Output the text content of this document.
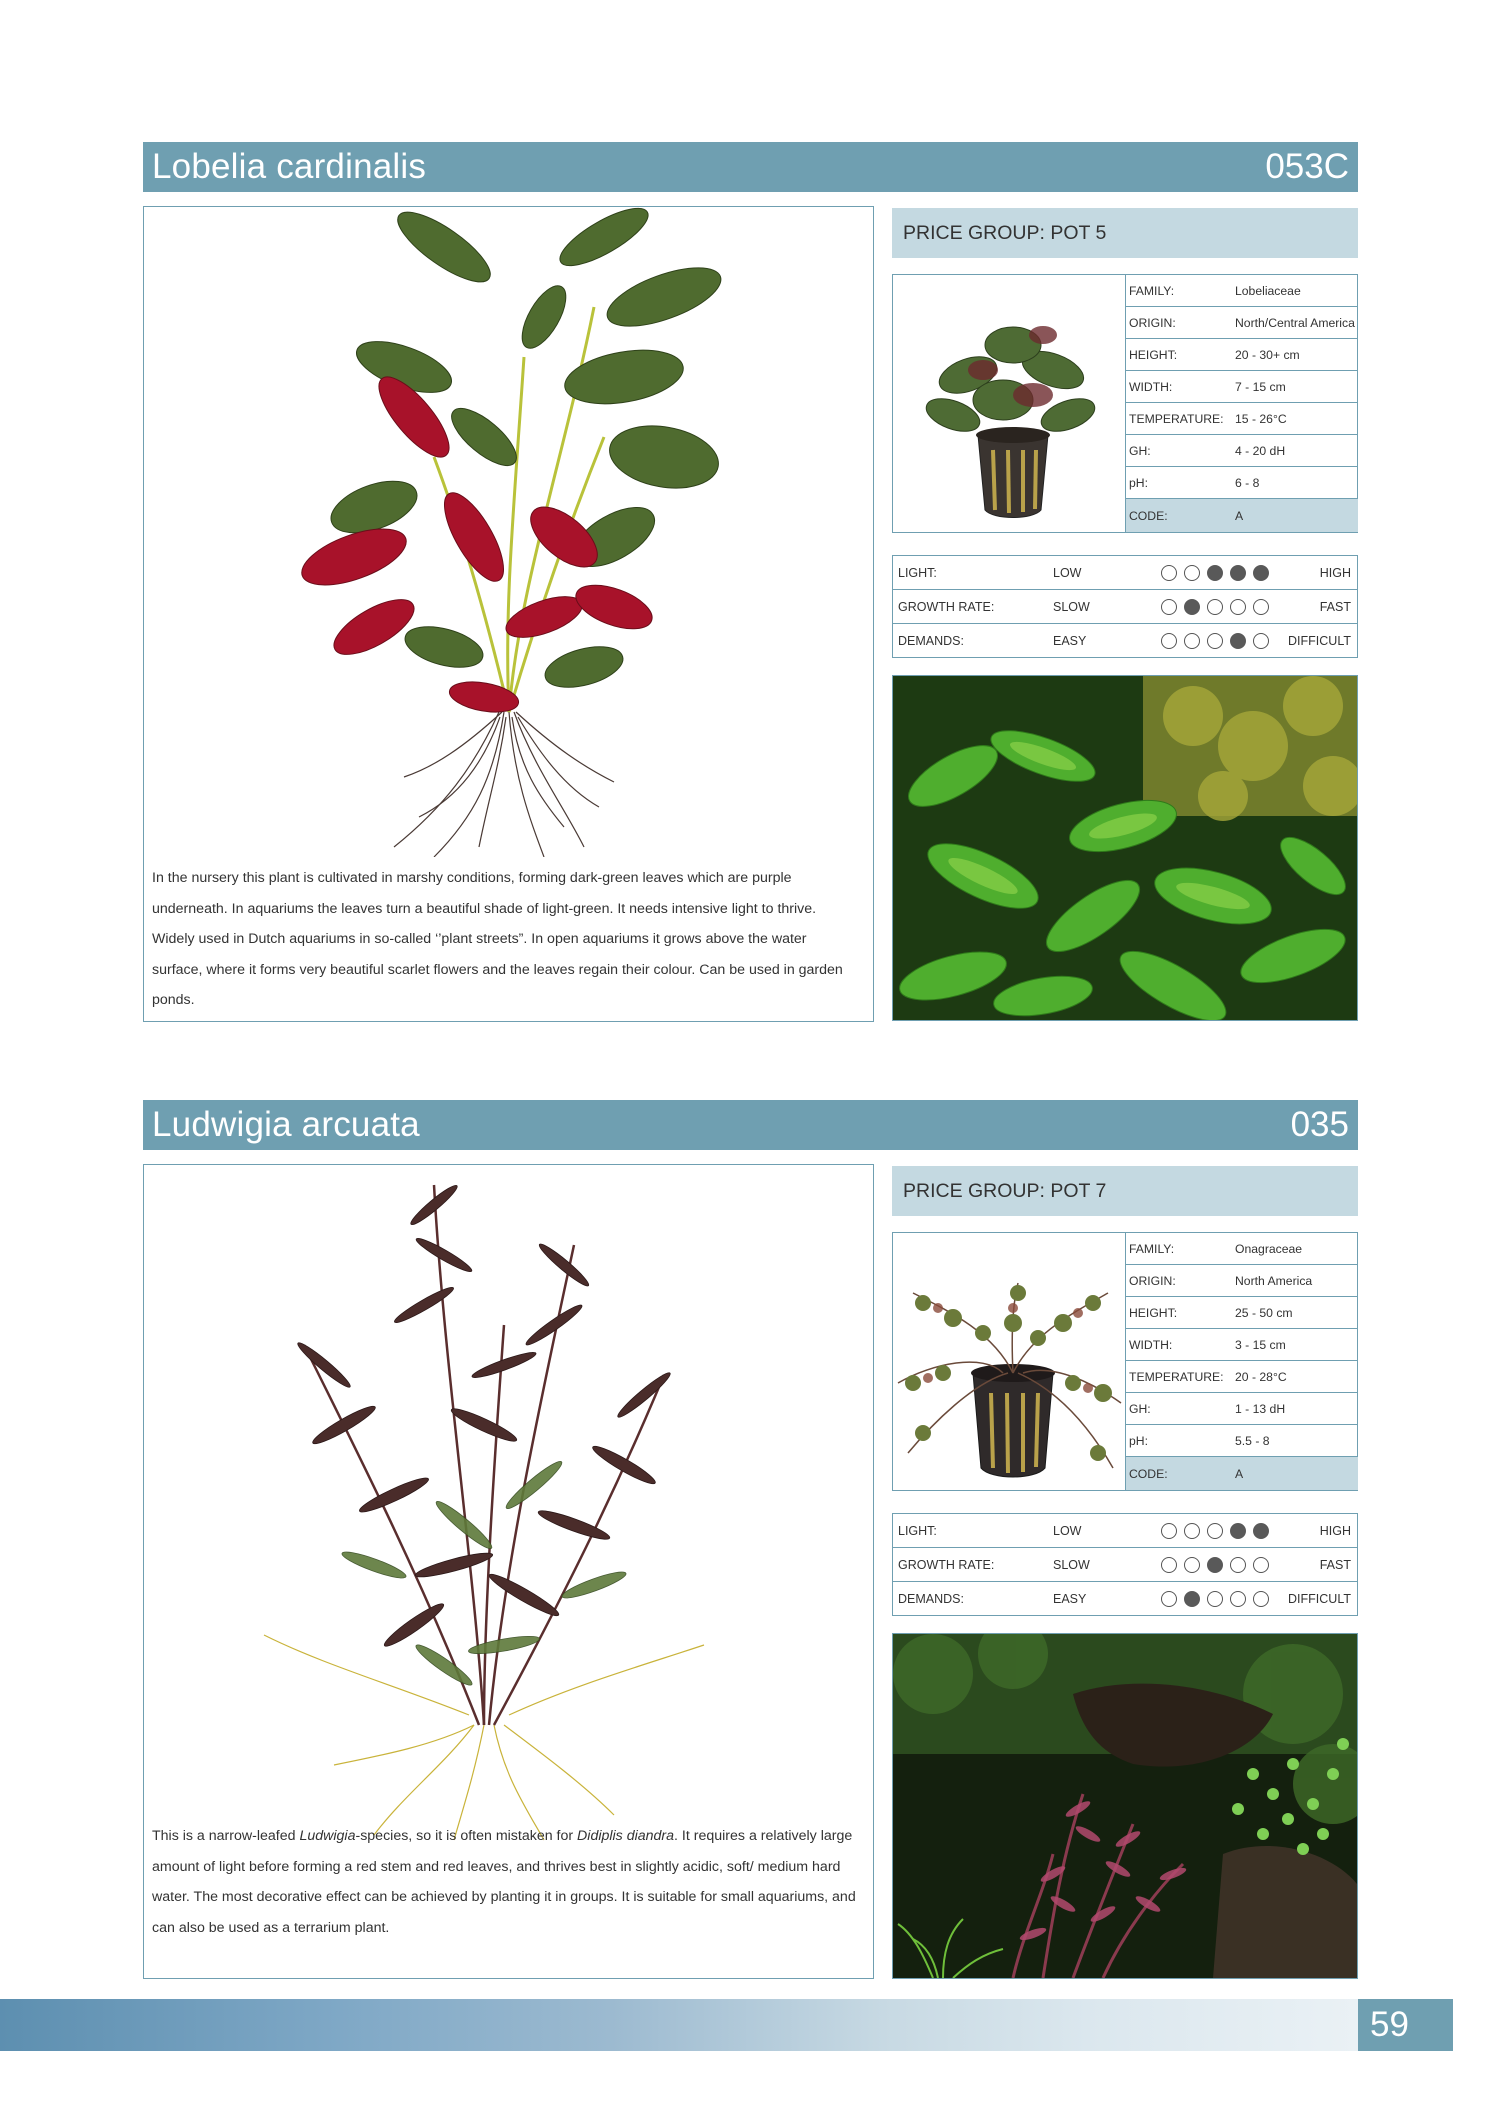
Lobelia cardinalis	053C
In the nursery this plant is cultivated in marshy conditions, forming dark-green leaves which are purple underneath. In aquariums the leaves turn a beautiful shade of light-green. It needs intensive light to thrive. Widely used in Dutch aquariums in so-called ‘’plant streets”. In open aquariums it grows above the water surface, where it forms very beautiful scarlet flowers and the leaves regain their colour. Can be used in garden ponds.
PRICE GROUP: POT 5
FAMILY:	Lobeliaceae
ORIGIN:	North/Central America
HEIGHT:	20 - 30+ cm
WIDTH:	7 - 15 cm
TEMPERATURE: 15 - 26°C
GH:	4 - 20 dH
pH:	6 - 8
CODE:	A
LIGHT:	LOW	HIGH
GROWTH RATE:	SLOW	FAST
DEMANDS:	EASY	DIFFICULT
Ludwigia arcuata	035
This is a narrow-leafed Ludwigia-species, so it is often mistaken for Didiplis diandra. It requires a relatively large amount of light before forming a red stem and red leaves, and thrives best in slightly acidic, soft/ medium hard water. The most decorative effect can be achieved by planting it in groups. It is suitable for small aquariums, and can also be used as a terrarium plant.
PRICE GROUP: POT 7
FAMILY:	Onagraceae
ORIGIN:	North America
HEIGHT:	25 - 50 cm
WIDTH:	3 - 15 cm
TEMPERATURE: 20 - 28°C
GH:	1 - 13 dH
pH:	5.5 - 8
CODE:	A
LIGHT:	LOW	HIGH
GROWTH RATE:	SLOW	FAST
DEMANDS:	EASY	DIFFICULT
59
